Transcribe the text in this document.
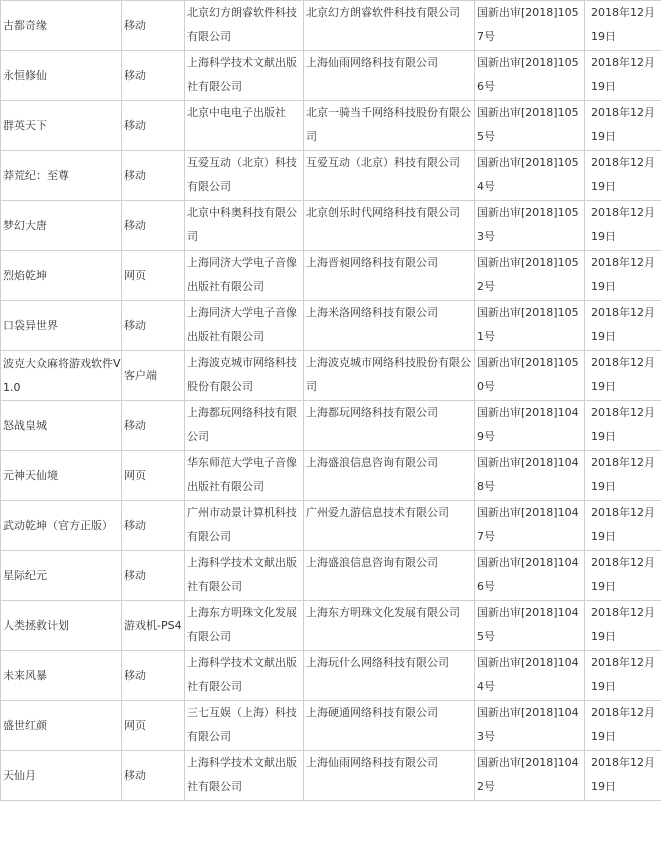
古都奇缘	移动	北京幻方朗睿软件科技有限公司	北京幻方朗睿软件科技有限公司	国新出审[2018]1057号	2018年12月19日
永恒修仙	移动	上海科学技术文献出版社有限公司	上海仙雨网络科技有限公司	国新出审[2018]1056号	2018年12月19日
群英天下	移动	北京中电电子出版社	北京一骑当千网络科技股份有限公司	国新出审[2018]1055号	2018年12月19日
莽荒纪：至尊	移动	互爱互动（北京）科技有限公司	互爱互动（北京）科技有限公司	国新出审[2018]1054号	2018年12月19日
梦幻大唐	移动	北京中科奥科技有限公司	北京创乐时代网络科技有限公司	国新出审[2018]1053号	2018年12月19日
烈焰乾坤	网页	上海同济大学电子音像出版社有限公司	上海晋昶网络科技有限公司	国新出审[2018]1052号	2018年12月19日
口袋异世界	移动	上海同济大学电子音像出版社有限公司	上海米洛网络科技有限公司	国新出审[2018]1051号	2018年12月19日
波克大众麻将游戏软件V1.0	客户端	上海波克城市网络科技股份有限公司	上海波克城市网络科技股份有限公司	国新出审[2018]1050号	2018年12月19日
怒战皇城	移动	上海都玩网络科技有限公司	上海都玩网络科技有限公司	国新出审[2018]1049号	2018年12月19日
元神天仙境	网页	华东师范大学电子音像出版社有限公司	上海盛浪信息咨询有限公司	国新出审[2018]1048号	2018年12月19日
武动乾坤（官方正版）	移动	广州市动景计算机科技有限公司	广州爱九游信息技术有限公司	国新出审[2018]1047号	2018年12月19日
星际纪元	移动	上海科学技术文献出版社有限公司	上海盛浪信息咨询有限公司	国新出审[2018]1046号	2018年12月19日
人类拯救计划	游戏机-PS4	上海东方明珠文化发展有限公司	上海东方明珠文化发展有限公司	国新出审[2018]1045号	2018年12月19日
未来风暴	移动	上海科学技术文献出版社有限公司	上海玩什么网络科技有限公司	国新出审[2018]1044号	2018年12月19日
盛世红颜	网页	三七互娱（上海）科技有限公司	上海硬通网络科技有限公司	国新出审[2018]1043号	2018年12月19日
天仙月	移动	上海科学技术文献出版社有限公司	上海仙雨网络科技有限公司	国新出审[2018]1042号	2018年12月19日
